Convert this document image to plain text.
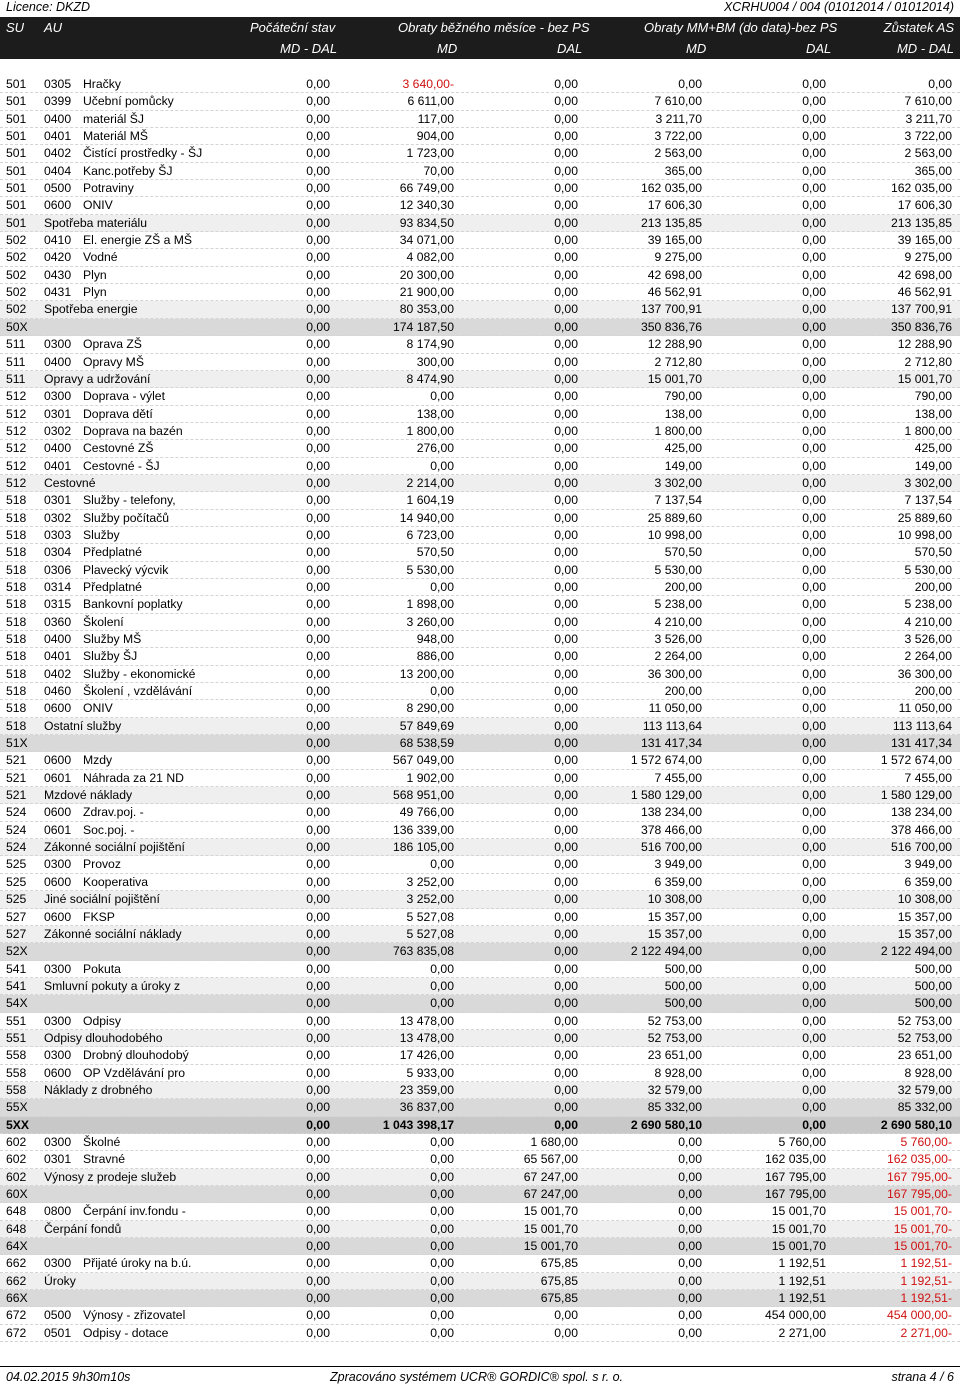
Licence: DKZD	XCRHU004 / 004 (01012014 / 01012014)
SU AU	Počáteční stav	Obraty běžného měsíce - bez PS	Obraty MM+BM (do data)-bez PS	Zůstatek AS
MD - DAL	MD	DAL	MD	DAL	MD - DAL
501 0305 Hračky	0,00	3 640,00-	0,00	0,00	0,00	0,00
501 0399 Učební pomůcky	0,00	6 611,00	0,00	7 610,00	0,00	7 610,00
501 0400 materiál ŠJ	0,00	117,00	0,00	3 211,70	0,00	3 211,70
501 0401 Materiál MŠ	0,00	904,00	0,00	3 722,00	0,00	3 722,00
501 0402 Čistící prostředky - ŠJ	0,00	1 723,00	0,00	2 563,00	0,00	2 563,00
501 0404 Kanc.potřeby ŠJ	0,00	70,00	0,00	365,00	0,00	365,00
501 0500 Potraviny	0,00	66 749,00	0,00	162 035,00	0,00	162 035,00
501 0600 ONIV	0,00	12 340,30	0,00	17 606,30	0,00	17 606,30
501 Spotřeba materiálu	0,00	93 834,50	0,00	213 135,85	0,00	213 135,85
502 0410 El. energie ZŠ a MŠ	0,00	34 071,00	0,00	39 165,00	0,00	39 165,00
502 0420 Vodné	0,00	4 082,00	0,00	9 275,00	0,00	9 275,00
502 0430 Plyn	0,00	20 300,00	0,00	42 698,00	0,00	42 698,00
502 0431 Plyn	0,00	21 900,00	0,00	46 562,91	0,00	46 562,91
502 Spotřeba energie	0,00	80 353,00	0,00	137 700,91	0,00	137 700,91
50X	0,00	174 187,50	0,00	350 836,76	0,00	350 836,76
511 0300 Oprava ZŠ	0,00	8 174,90	0,00	12 288,90	0,00	12 288,90
511 0400 Opravy MŠ	0,00	300,00	0,00	2 712,80	0,00	2 712,80
511 Opravy a udržování	0,00	8 474,90	0,00	15 001,70	0,00	15 001,70
512 0300 Doprava - výlet	0,00	0,00	0,00	790,00	0,00	790,00
512 0301 Doprava dětí	0,00	138,00	0,00	138,00	0,00	138,00
512 0302 Doprava na bazén	0,00	1 800,00	0,00	1 800,00	0,00	1 800,00
512 0400 Cestovné ZŠ	0,00	276,00	0,00	425,00	0,00	425,00
512 0401 Cestovné - ŠJ	0,00	0,00	0,00	149,00	0,00	149,00
512 Cestovné	0,00	2 214,00	0,00	3 302,00	0,00	3 302,00
518 0301 Služby - telefony,	0,00	1 604,19	0,00	7 137,54	0,00	7 137,54
518 0302 Služby počítačů	0,00	14 940,00	0,00	25 889,60	0,00	25 889,60
518 0303 Služby	0,00	6 723,00	0,00	10 998,00	0,00	10 998,00
518 0304 Předplatné	0,00	570,50	0,00	570,50	0,00	570,50
518 0306 Plavecký výcvik	0,00	5 530,00	0,00	5 530,00	0,00	5 530,00
518 0314 Předplatné	0,00	0,00	0,00	200,00	0,00	200,00
518 0315 Bankovní poplatky	0,00	1 898,00	0,00	5 238,00	0,00	5 238,00
518 0360 Školení	0,00	3 260,00	0,00	4 210,00	0,00	4 210,00
518 0400 Služby MŠ	0,00	948,00	0,00	3 526,00	0,00	3 526,00
518 0401 Služby ŠJ	0,00	886,00	0,00	2 264,00	0,00	2 264,00
518 0402 Služby - ekonomické	0,00	13 200,00	0,00	36 300,00	0,00	36 300,00
518 0460 Školení , vzdělávání	0,00	0,00	0,00	200,00	0,00	200,00
518 0600 ONIV	0,00	8 290,00	0,00	11 050,00	0,00	11 050,00
518 Ostatní služby	0,00	57 849,69	0,00	113 113,64	0,00	113 113,64
51X	0,00	68 538,59	0,00	131 417,34	0,00	131 417,34
521 0600 Mzdy	0,00	567 049,00	0,00	1 572 674,00	0,00	1 572 674,00
521 0601 Náhrada za 21 ND	0,00	1 902,00	0,00	7 455,00	0,00	7 455,00
521 Mzdové náklady	0,00	568 951,00	0,00	1 580 129,00	0,00	1 580 129,00
524 0600 Zdrav.poj. -	0,00	49 766,00	0,00	138 234,00	0,00	138 234,00
524 0601 Soc.poj. -	0,00	136 339,00	0,00	378 466,00	0,00	378 466,00
524 Zákonné sociální pojištění	0,00	186 105,00	0,00	516 700,00	0,00	516 700,00
525 0300 Provoz	0,00	0,00	0,00	3 949,00	0,00	3 949,00
525 0600 Kooperativa	0,00	3 252,00	0,00	6 359,00	0,00	6 359,00
525 Jiné sociální pojištění	0,00	3 252,00	0,00	10 308,00	0,00	10 308,00
527 0600 FKSP	0,00	5 527,08	0,00	15 357,00	0,00	15 357,00
527 Zákonné sociální náklady	0,00	5 527,08	0,00	15 357,00	0,00	15 357,00
52X	0,00	763 835,08	0,00	2 122 494,00	0,00	2 122 494,00
541 0300 Pokuta	0,00	0,00	0,00	500,00	0,00	500,00
541 Smluvní pokuty a úroky z	0,00	0,00	0,00	500,00	0,00	500,00
54X	0,00	0,00	0,00	500,00	0,00	500,00
551 0300 Odpisy	0,00	13 478,00	0,00	52 753,00	0,00	52 753,00
551 Odpisy dlouhodobého	0,00	13 478,00	0,00	52 753,00	0,00	52 753,00
558 0300 Drobný dlouhodobý	0,00	17 426,00	0,00	23 651,00	0,00	23 651,00
558 0600 OP Vzdělávání pro	0,00	5 933,00	0,00	8 928,00	0,00	8 928,00
558 Náklady z drobného	0,00	23 359,00	0,00	32 579,00	0,00	32 579,00
55X	0,00	36 837,00	0,00	85 332,00	0,00	85 332,00
5XX	0,00	1 043 398,17	0,00	2 690 580,10	0,00	2 690 580,10
602 0300 Školné	0,00	0,00	1 680,00	0,00	5 760,00	5 760,00-
602 0301 Stravné	0,00	0,00	65 567,00	0,00	162 035,00	162 035,00-
602 Výnosy z prodeje služeb	0,00	0,00	67 247,00	0,00	167 795,00	167 795,00-
60X	0,00	0,00	67 247,00	0,00	167 795,00	167 795,00-
648 0800 Čerpání inv.fondu -	0,00	0,00	15 001,70	0,00	15 001,70	15 001,70-
648 Čerpání fondů	0,00	0,00	15 001,70	0,00	15 001,70	15 001,70-
64X	0,00	0,00	15 001,70	0,00	15 001,70	15 001,70-
662 0300 Přijaté úroky na b.ú.	0,00	0,00	675,85	0,00	1 192,51	1 192,51-
662 Úroky	0,00	0,00	675,85	0,00	1 192,51	1 192,51-
66X	0,00	0,00	675,85	0,00	1 192,51	1 192,51-
672 0500 Výnosy - zřizovatel	0,00	0,00	0,00	0,00	454 000,00	454 000,00-
672 0501 Odpisy - dotace	0,00	0,00	0,00	0,00	2 271,00	2 271,00-
04.02.2015 9h30m10s	Zpracováno systémem UCR® GORDIC® spol. s r. o.	strana 4 / 6
